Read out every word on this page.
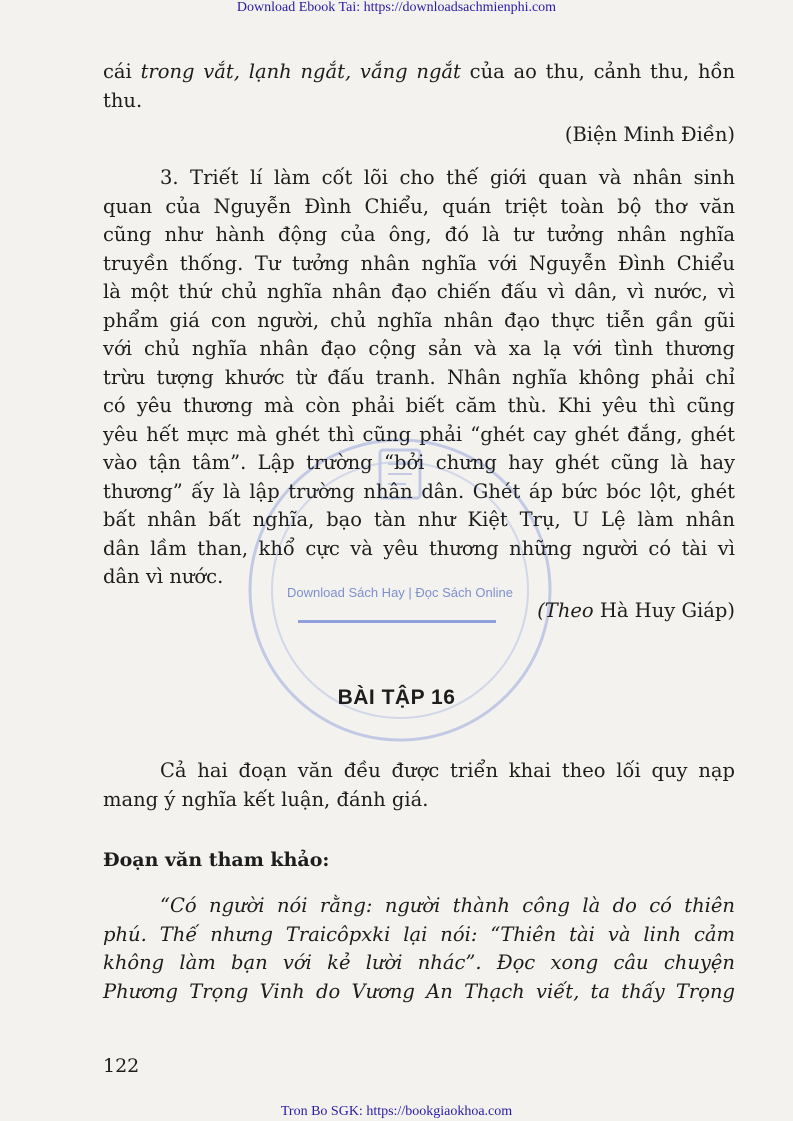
Download Ebook Tai: https://downloadsachmienphi.com
Download Sách Hay | Đọc Sách Online
cái trong vắt, lạnh ngắt, vắng ngắt của ao thu, cảnh thu, hồn
thu.
(Biện Minh Điền)
3. Triết lí làm cốt lõi cho thế giới quan và nhân sinh
quan của Nguyễn Đình Chiểu, quán triệt toàn bộ thơ văn
cũng như hành động của ông, đó là tư tưởng nhân nghĩa
truyền thống. Tư tưởng nhân nghĩa với Nguyễn Đình Chiểu
là một thứ chủ nghĩa nhân đạo chiến đấu vì dân, vì nước, vì
phẩm giá con người, chủ nghĩa nhân đạo thực tiễn gần gũi
với chủ nghĩa nhân đạo cộng sản và xa lạ với tình thương
trừu tượng khước từ đấu tranh. Nhân nghĩa không phải chỉ
có yêu thương mà còn phải biết căm thù. Khi yêu thì cũng
yêu hết mực mà ghét thì cũng phải “ghét cay ghét đắng, ghét
vào tận tâm”. Lập trường “bởi chưng hay ghét cũng là hay
thương” ấy là lập trường nhân dân. Ghét áp bức bóc lột, ghét
bất nhân bất nghĩa, bạo tàn như Kiệt Trụ, U Lệ làm nhân
dân lầm than, khổ cực và yêu thương những người có tài vì
dân vì nước.
(Theo Hà Huy Giáp)
BÀI TẬP 16
Cả hai đoạn văn đều được triển khai theo lối quy nạp
mang ý nghĩa kết luận, đánh giá.
Đoạn văn tham khảo:
“Có người nói rằng: người thành công là do có thiên
phú. Thế nhưng Traicôpxki lại nói: “Thiên tài và linh cảm
không làm bạn với kẻ lười nhác”. Đọc xong câu chuyện
Phương Trọng Vinh do Vương An Thạch viết, ta thấy Trọng
122
Tron Bo SGK: https://bookgiaokhoa.com
